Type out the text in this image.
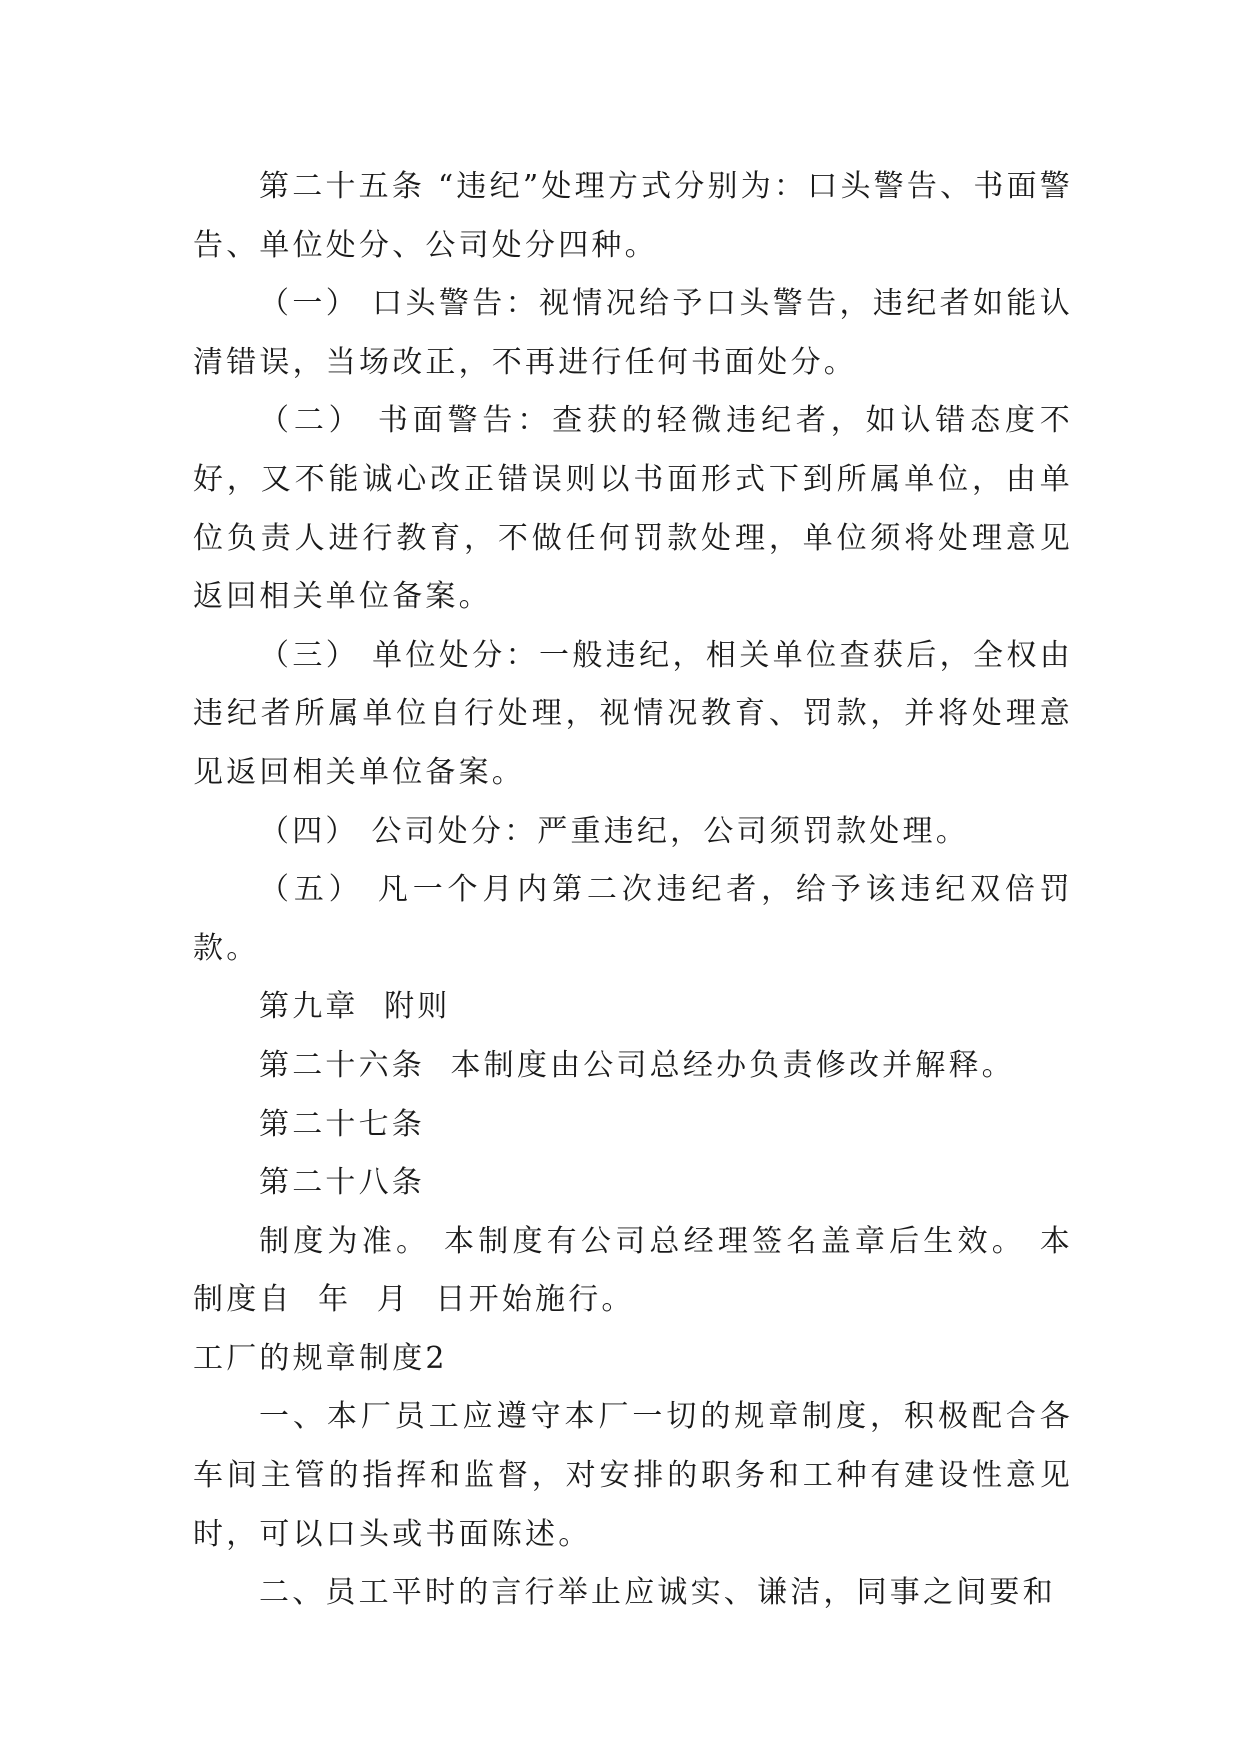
第二十五条 “违纪”处理方式分别为：口头警告、书面警告、单位处分、公司处分四种。

（一） 口头警告：视情况给予口头警告，违纪者如能认清错误，当场改正，不再进行任何书面处分。

（二） 书面警告：查获的轻微违纪者，如认错态度不好，又不能诚心改正错误则以书面形式下到所属单位，由单位负责人进行教育，不做任何罚款处理，单位须将处理意见返回相关单位备案。

（三） 单位处分：一般违纪，相关单位查获后，全权由违纪者所属单位自行处理，视情况教育、罚款，并将处理意见返回相关单位备案。

（四） 公司处分：严重违纪，公司须罚款处理。

（五） 凡一个月内第二次违纪者，给予该违纪双倍罚款。

第九章  附则

第二十六条  本制度由公司总经办负责修改并解释。

第二十七条

第二十八条

制度为准。 本制度有公司总经理签名盖章后生效。 本制度自  年  月  日开始施行。

工厂的规章制度2

一、本厂员工应遵守本厂一切的规章制度，积极配合各车间主管的指挥和监督，对安排的职务和工种有建设性意见时，可以口头或书面陈述。

二、员工平时的言行举止应诚实、谦洁，同事之间要和
